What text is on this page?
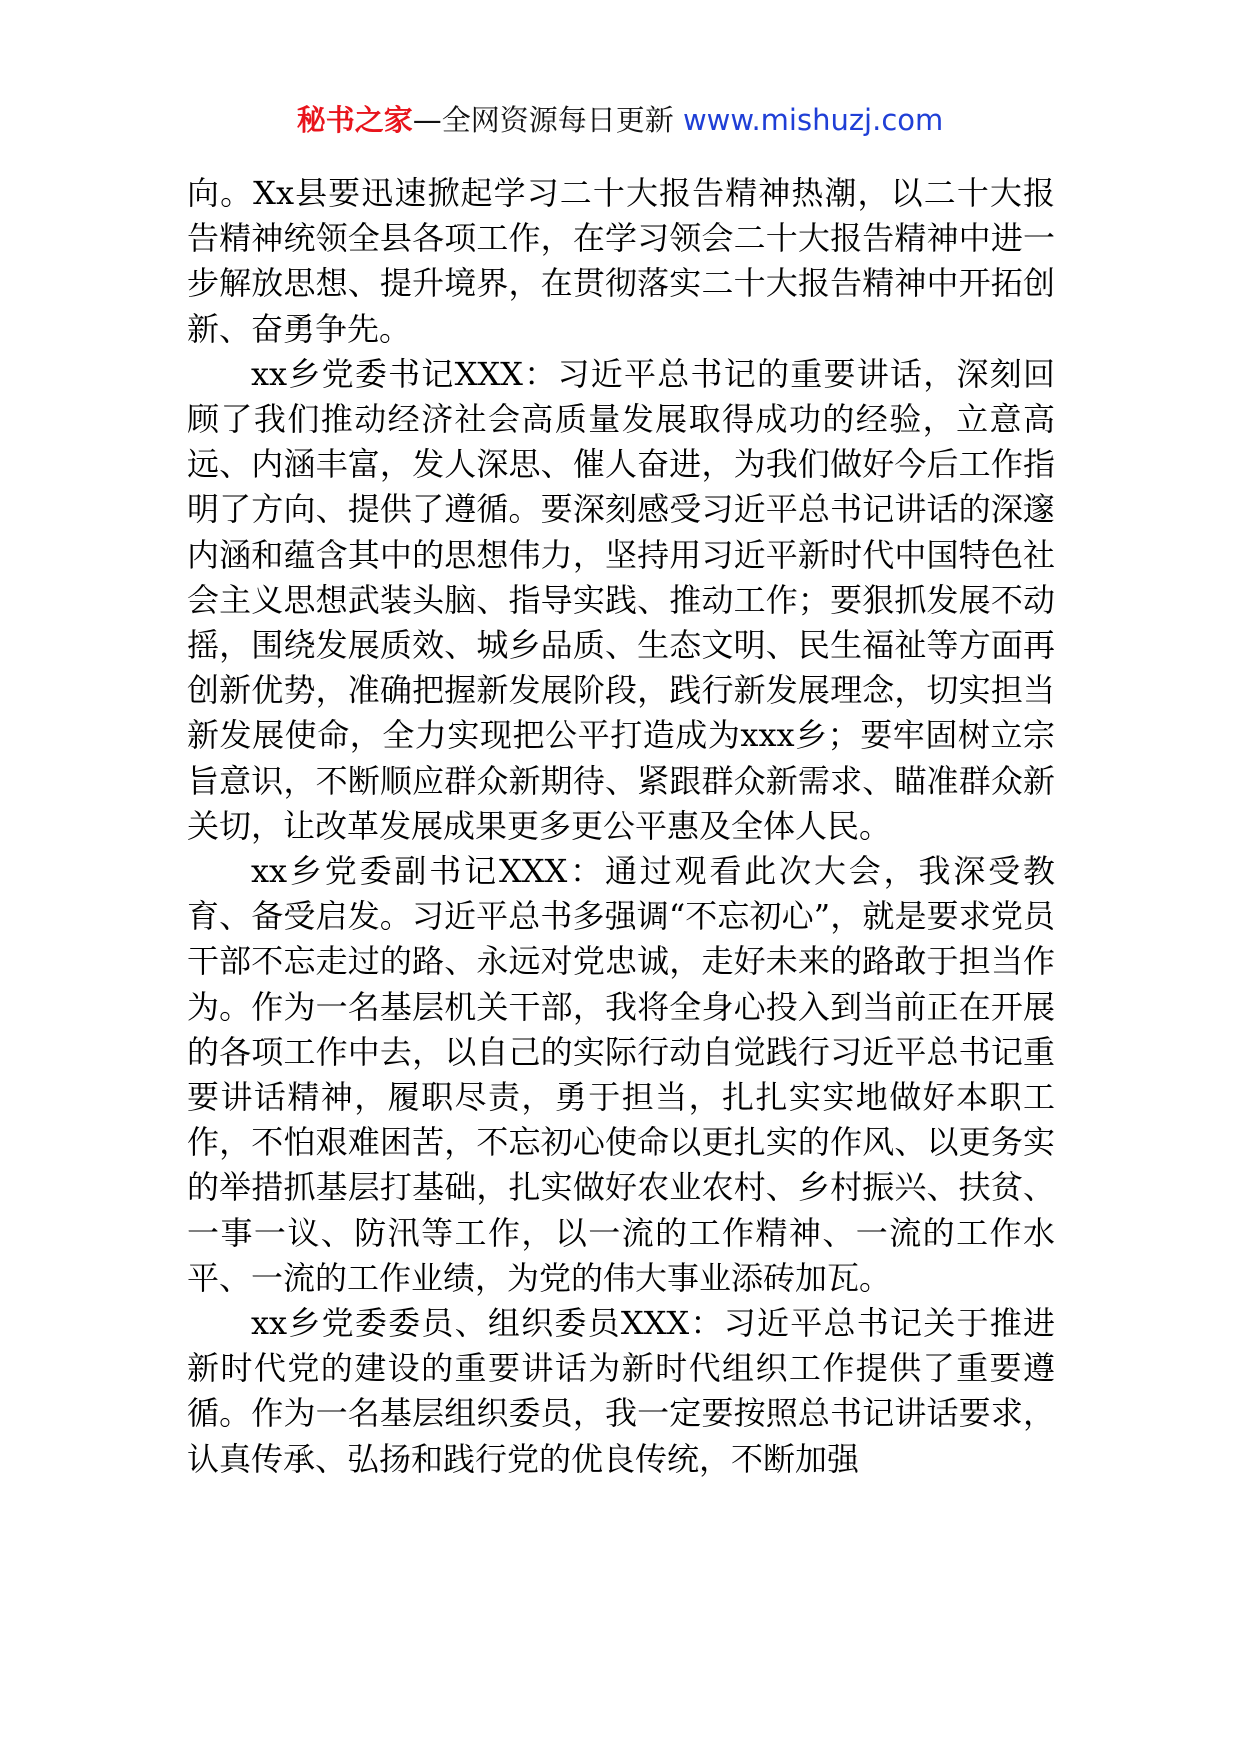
秘书之家—全网资源每日更新 www.mishuzj.com

向。Xx县要迅速掀起学习二十大报告精神热潮，以二十大报告精神统领全县各项工作，在学习领会二十大报告精神中进一步解放思想、提升境界，在贯彻落实二十大报告精神中开拓创新、奋勇争先。

xx乡党委书记XXX：习近平总书记的重要讲话，深刻回顾了我们推动经济社会高质量发展取得成功的经验，立意高远、内涵丰富，发人深思、催人奋进，为我们做好今后工作指明了方向、提供了遵循。要深刻感受习近平总书记讲话的深邃内涵和蕴含其中的思想伟力，坚持用习近平新时代中国特色社会主义思想武装头脑、指导实践、推动工作；要狠抓发展不动摇，围绕发展质效、城乡品质、生态文明、民生福祉等方面再创新优势，准确把握新发展阶段，践行新发展理念，切实担当新发展使命，全力实现把公平打造成为xxx乡；要牢固树立宗旨意识，不断顺应群众新期待、紧跟群众新需求、瞄准群众新关切，让改革发展成果更多更公平惠及全体人民。

xx乡党委副书记XXX：通过观看此次大会，我深受教育、备受启发。习近平总书多强调“不忘初心”，就是要求党员干部不忘走过的路、永远对党忠诚，走好未来的路敢于担当作为。作为一名基层机关干部，我将全身心投入到当前正在开展的各项工作中去，以自己的实际行动自觉践行习近平总书记重要讲话精神，履职尽责，勇于担当，扎扎实实地做好本职工作，不怕艰难困苦，不忘初心使命以更扎实的作风、以更务实的举措抓基层打基础，扎实做好农业农村、乡村振兴、扶贫、一事一议、防汛等工作，以一流的工作精神、一流的工作水平、一流的工作业绩，为党的伟大事业添砖加瓦。

xx乡党委委员、组织委员XXX：习近平总书记关于推进新时代党的建设的重要讲话为新时代组织工作提供了重要遵循。作为一名基层组织委员，我一定要按照总书记讲话要求，认真传承、弘扬和践行党的优良传统，不断加强
